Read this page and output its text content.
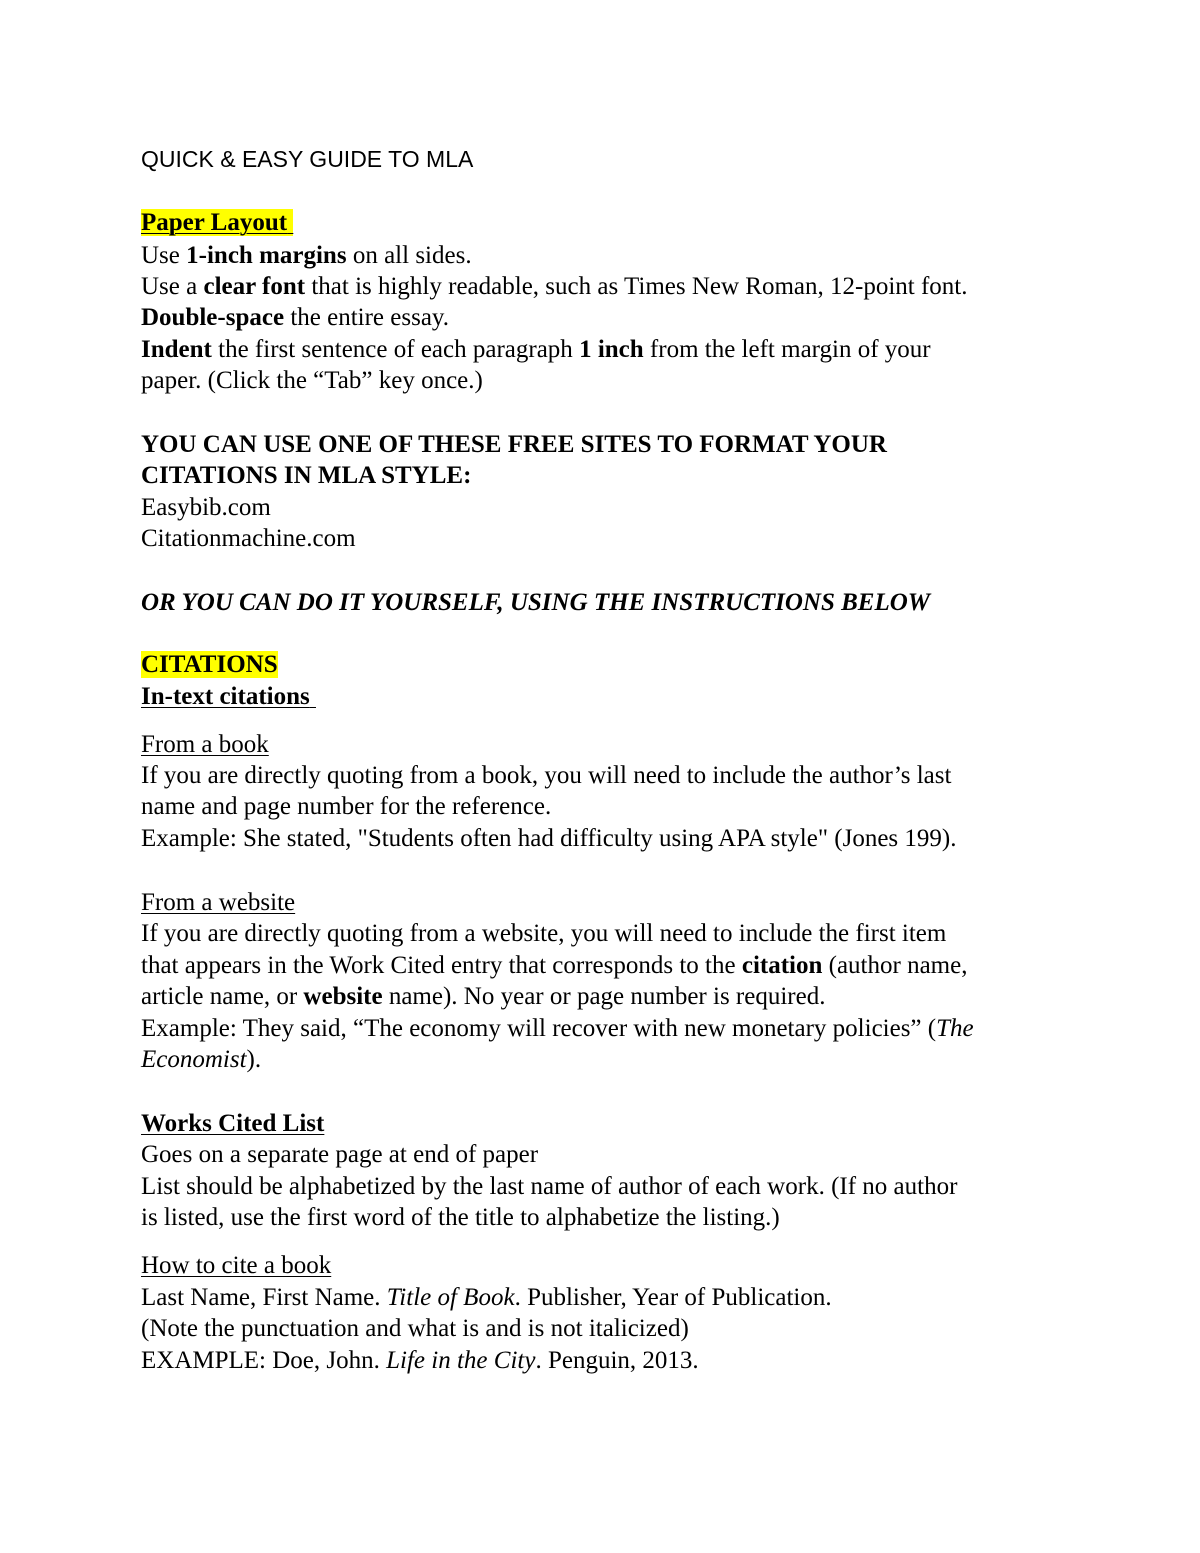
QUICK & EASY GUIDE TO MLA
Paper Layout
Use 1-inch margins on all sides.
Use a clear font that is highly readable, such as Times New Roman, 12-point font.
Double-space the entire essay.
Indent the first sentence of each paragraph 1 inch from the left margin of your
paper. (Click the “Tab” key once.)
YOU CAN USE ONE OF THESE FREE SITES TO FORMAT YOUR
CITATIONS IN MLA STYLE:
Easybib.com
Citationmachine.com
OR YOU CAN DO IT YOURSELF, USING THE INSTRUCTIONS BELOW
CITATIONS
In-text citations
From a book
If you are directly quoting from a book, you will need to include the author’s last
name and page number for the reference.
Example: She stated, "Students often had difficulty using APA style" (Jones 199).
From a website
If you are directly quoting from a website, you will need to include the first item
that appears in the Work Cited entry that corresponds to the citation (author name,
article name, or website name). No year or page number is required.
Example: They said, “The economy will recover with new monetary policies” (The
Economist).
Works Cited List
Goes on a separate page at end of paper
List should be alphabetized by the last name of author of each work. (If no author
is listed, use the first word of the title to alphabetize the listing.)
How to cite a book
Last Name, First Name. Title of Book. Publisher, Year of Publication.
(Note the punctuation and what is and is not italicized)
EXAMPLE: Doe, John. Life in the City. Penguin, 2013.
